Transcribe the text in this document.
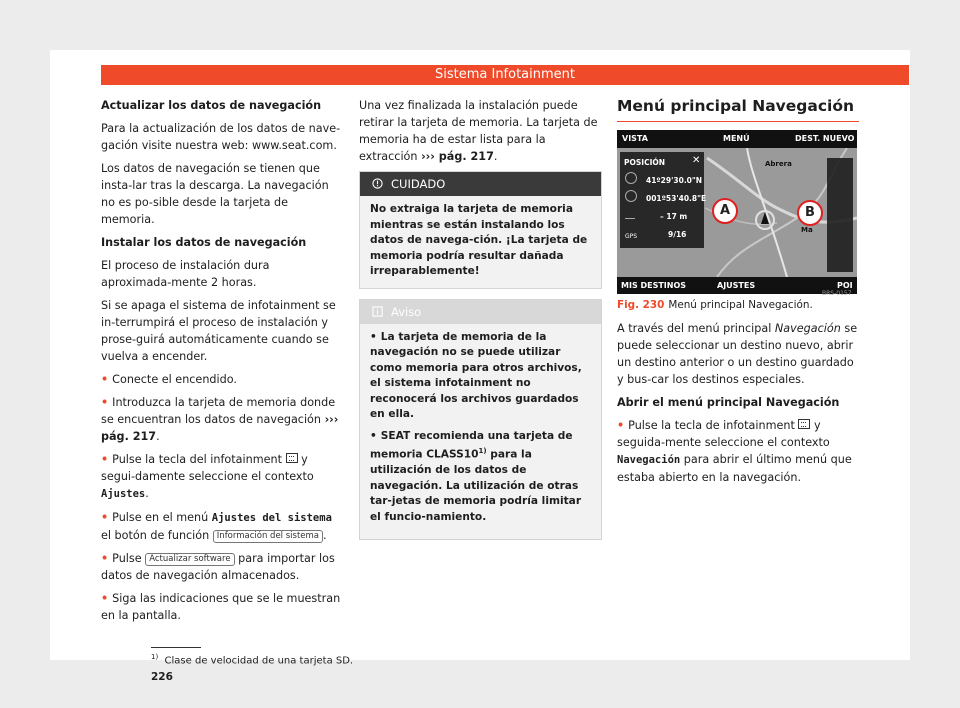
Sistema Infotainment

Actualizar los datos de navegación

Para la actualización de los datos de nave-gación visite nuestra web: www.seat.com.

Los datos de navegación se tienen que insta-lar tras la descarga. La navegación no es po-sible desde la tarjeta de memoria.

Instalar los datos de navegación

El proceso de instalación dura aproximada-mente 2 horas.

Si se apaga el sistema de infotainment se in-terrumpirá el proceso de instalación y prose-guirá automáticamente cuando se vuelva a encender.

• Conecte el encendido.

• Introduzca la tarjeta de memoria donde se encuentran los datos de navegación ››› pág. 217.

• Pulse la tecla del infotainment y segui-damente seleccione el contexto Ajustes.

• Pulse en el menú Ajustes del sistema el botón de función Información del sistema .

• Pulse Actualizar software para importar los datos de navegación almacenados.

• Siga las indicaciones que se le muestran en la pantalla.

Una vez finalizada la instalación puede retirar la tarjeta de memoria. La tarjeta de memoria ha de estar lista para la extracción ››› pág. 217.

CUIDADO
No extraiga la tarjeta de memoria mientras se están instalando los datos de navega-ción. ¡La tarjeta de memoria podría resultar dañada irreparablemente!
Aviso

• La tarjeta de memoria de la navegación no se puede utilizar como memoria para otros archivos, el sistema infotainment no reconocerá los archivos guardados en ella.

• SEAT recomienda una tarjeta de memoria CLASS10$^{1)}$ para la utilización de los datos de navegación. La utilización de otras tar-jetas de memoria podría limitar el funcio-namiento.

Menú principal Navegación
VISTA	MENÚ	DEST. NUEVO
Abrera
Ma
POSICIÓN	✕
41º29'30.0"N
001º53'40.8"E
– 17 m
GPS	9/16
A	B
MIS DESTINOS	AJUSTES	POI
BRS-0157

Fig. 230 Menú principal Navegación.

A través del menú principal Navegación se puede seleccionar un destino nuevo, abrir un destino anterior o un destino guardado y bus-car los destinos especiales.

Abrir el menú principal Navegación

• Pulse la tecla de infotainment y seguida-mente seleccione el contexto Navegación para abrir el último menú que estaba abierto en la navegación.

$^{1)}$ Clase de velocidad de una tarjeta SD.
226
